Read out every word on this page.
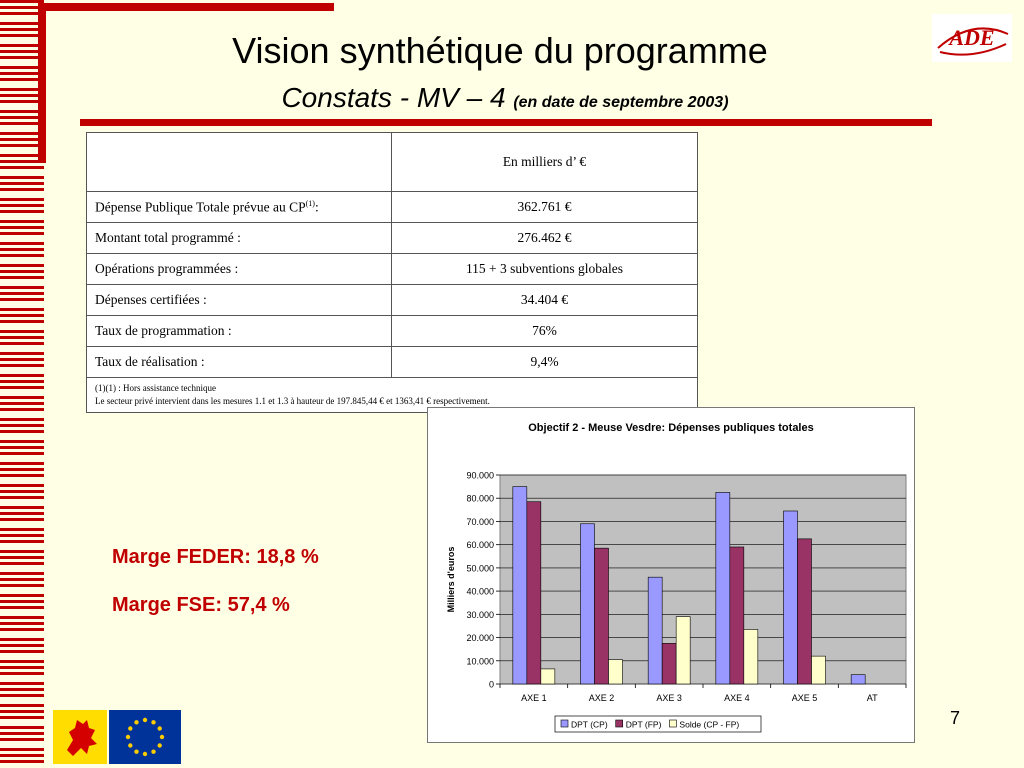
Vision synthétique du programme
Constats - MV – 4 (en date de septembre 2003)
ADE
	En milliers d’ €
Dépense Publique Totale prévue au CP$^{(1)}$:	362.761 €
Montant total programmé :	276.462 €
Opérations programmées :	115 + 3 subventions globales
Dépenses certifiées :	34.404 €
Taux de programmation :	76%
Taux de réalisation :	9,4%

(1)(1) : Hors assistance technique
Le secteur privé intervient dans les mesures 1.1 et 1.3 à hauteur de 197.845,44 € et 1363,41 € respectivement.	
Marge FEDER: 18,8 %
Marge FSE: 57,4 %
Objectif 2 - Meuse Vesdre: Dépenses publiques totales
0
10.000
20.000
30.000
40.000
50.000
60.000
70.000
80.000
90.000
Milliers d'euros
AXE 1	AXE 2	AXE 3	AXE 4	AXE 5	AT
DPT (CP) DPT (FP) Solde (CP - FP)	7
